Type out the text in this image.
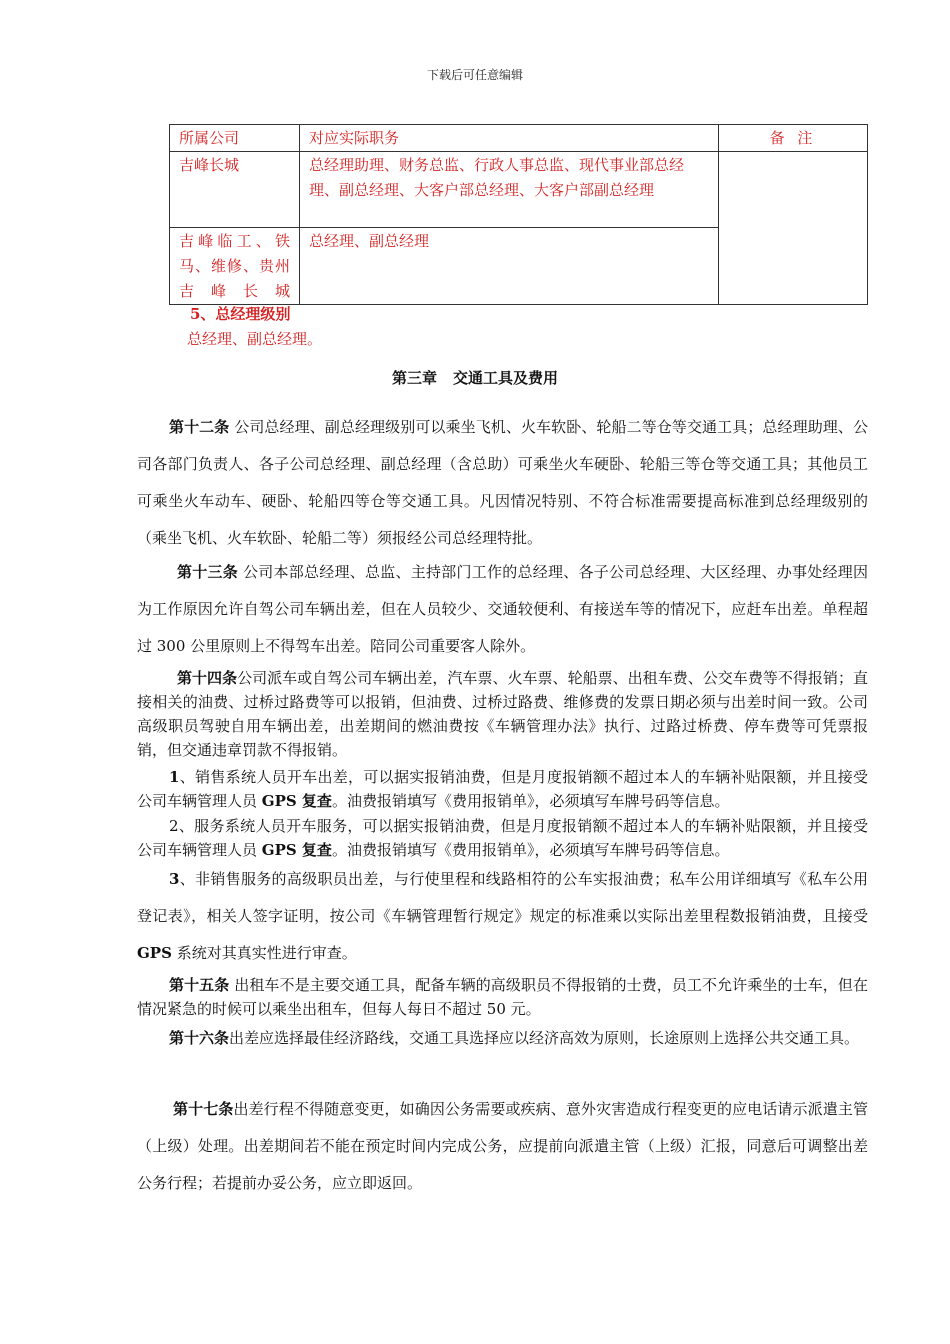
下载后可任意编辑
所属公司	对应实际职务	备 注
吉峰长城	总经理助理、财务总监、行政人事总监、现代事业部总经理、副总经理、大客户部总经理、大客户部副总经理	
吉峰临工、铁马、维修、贵州吉峰长城	总经理、副总经理	
5、总经理级别
总经理、副总经理。
第三章 交通工具及费用

第十二条 公司总经理、副总经理级别可以乘坐飞机、火车软卧、轮船二等仓等交通工具；总经理助理、公司各部门负责人、各子公司总经理、副总经理（含总助）可乘坐火车硬卧、轮船三等仓等交通工具；其他员工可乘坐火车动车、硬卧、轮船四等仓等交通工具。凡因情况特别、不符合标准需要提高标准到总经理级别的（乘坐飞机、火车软卧、轮船二等）须报经公司总经理特批。

第十三条 公司本部总经理、总监、主持部门工作的总经理、各子公司总经理、大区经理、办事处经理因为工作原因允许自驾公司车辆出差，但在人员较少、交通较便利、有接送车等的情况下，应赶车出差。单程超过 300 公里原则上不得驾车出差。陪同公司重要客人除外。

第十四条公司派车或自驾公司车辆出差，汽车票、火车票、轮船票、出租车费、公交车费等不得报销；直接相关的油费、过桥过路费等可以报销，但油费、过桥过路费、维修费的发票日期必须与出差时间一致。公司高级职员驾驶自用车辆出差，出差期间的燃油费按《车辆管理办法》执行、过路过桥费、停车费等可凭票报销，但交通违章罚款不得报销。

1、销售系统人员开车出差，可以据实报销油费，但是月度报销额不超过本人的车辆补贴限额，并且接受公司车辆管理人员 GPS 复查。油费报销填写《费用报销单》，必须填写车牌号码等信息。

2、服务系统人员开车服务，可以据实报销油费，但是月度报销额不超过本人的车辆补贴限额，并且接受公司车辆管理人员 GPS 复查。油费报销填写《费用报销单》，必须填写车牌号码等信息。

3、非销售服务的高级职员出差，与行使里程和线路相符的公车实报油费；私车公用详细填写《私车公用登记表》，相关人签字证明，按公司《车辆管理暂行规定》规定的标准乘以实际出差里程数报销油费，且接受 GPS 系统对其真实性进行审查。

第十五条 出租车不是主要交通工具，配备车辆的高级职员不得报销的士费，员工不允许乘坐的士车，但在情况紧急的时候可以乘坐出租车，但每人每日不超过 50 元。

第十六条出差应选择最佳经济路线，交通工具选择应以经济高效为原则，长途原则上选择公共交通工具。

第十七条出差行程不得随意变更，如确因公务需要或疾病、意外灾害造成行程变更的应电话请示派遣主管（上级）处理。出差期间若不能在预定时间内完成公务，应提前向派遣主管（上级）汇报，同意后可调整出差公务行程；若提前办妥公务，应立即返回。
